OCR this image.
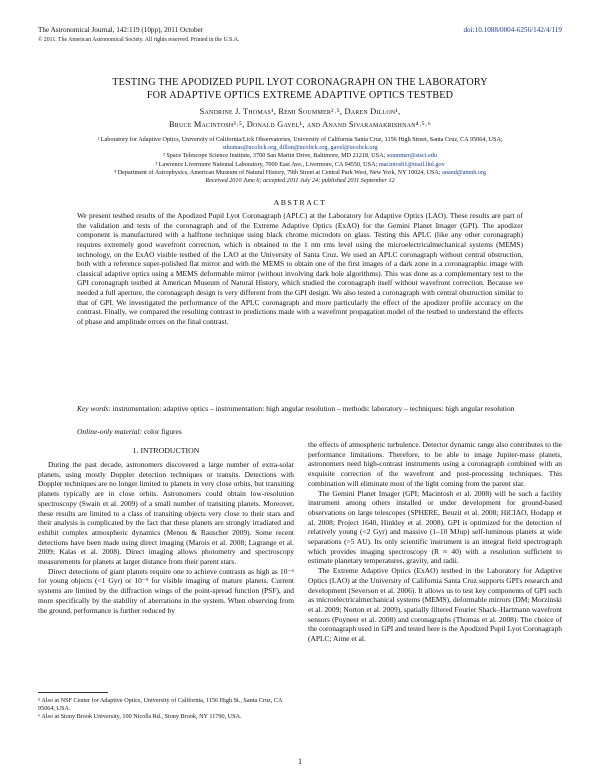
The Astronomical Journal, 142:119 (10pp), 2011 October	doi:10.1088/0004-6256/142/4/119
© 2011. The American Astronomical Society. All rights reserved. Printed in the U.S.A.
TESTING THE APODIZED PUPIL LYOT CORONAGRAPH ON THE LABORATORY
FOR ADAPTIVE OPTICS EXTREME ADAPTIVE OPTICS TESTBED
Sandrine J. Thomas¹, Rémi Soummer²˒⁵, Daren Dillon¹,
Bruce Macintosh³˒⁵, Donald Gavel¹, and Anand Sivaramakrishnan⁴˒⁵˒⁶
¹ Laboratory for Adaptive Optics, University of California/Lick Observatories, University of California Santa Cruz, 1156 High Street, Santa Cruz, CA 95064, USA;
sthomas@ucolick.org, dillon@ucolick.org, gavel@ucolick.org
² Space Telescope Science Institute, 3700 San Martin Drive, Baltimore, MD 21218, USA; soummer@stsci.edu
³ Lawrence Livermore National Laboratory, 7000 East Ave., Livermore, CA 94550, USA; macintosh1@mail.llnl.gov
⁴ Department of Astrophysics, American Museum of Natural History, 79th Street at Central Park West, New York, NY 10024, USA; anand@amnh.org
Received 2010 June 6; accepted 2011 July 24; published 2011 September 12
ABSTRACT
We present testbed results of the Apodized Pupil Lyot Coronagraph (APLC) at the Laboratory for Adaptive Optics (LAO). These results are part of the validation and tests of the coronagraph and of the Extreme Adaptive Optics (ExAO) for the Gemini Planet Imager (GPI). The apodizer component is manufactured with a halftone technique using black chrome microdots on glass. Testing this APLC (like any other coronagraph) requires extremely good wavefront correction, which is obtained to the 1 nm rms level using the microelectricalmechanical systems (MEMS) technology, on the ExAO visible testbed of the LAO at the University of Santa Cruz. We used an APLC coronagraph without central obstruction, both with a reference super-polished flat mirror and with the MEMS to obtain one of the first images of a dark zone in a coronagraphic image with classical adaptive optics using a MEMS deformable mirror (without involving dark hole algorithms). This was done as a complementary test to the GPI coronagraph testbed at American Museum of Natural History, which studied the coronagraph itself without wavefront correction. Because we needed a full aperture, the coronagraph design is very different from the GPI design. We also tested a coronagraph with central obstruction similar to that of GPI. We investigated the performance of the APLC coronagraph and more particularly the effect of the apodizer profile accuracy on the contrast. Finally, we compared the resulting contrast to predictions made with a wavefront propagation model of the testbed to understand the effects of phase and amplitude errors on the final contrast.
Key words: instrumentation: adaptive optics – instrumentation: high angular resolution – methods: laboratory – techniques: high angular resolution
Online-only material: color figures
1. INTRODUCTION

During the past decade, astronomers discovered a large number of extra-solar planets, using mostly Doppler detection techniques or transits. Detections with Doppler techniques are no longer limited to planets in very close orbits, but transiting planets typically are in close orbits. Astronomers could obtain low-resolution spectroscopy (Swain et al. 2009) of a small number of transiting planets. Moreover, these results are limited to a class of transiting objects very close to their stars and their analysis is complicated by the fact that these planets are strongly irradiated and exhibit complex atmospheric dynamics (Menou & Rauscher 2009). Some recent detections have been made using direct imaging (Marois et al. 2008; Lagrange et al. 2009; Kalas et al. 2008). Direct imaging allows photometry and spectroscopy measurements for planets at larger distance from their parent stars.

Direct detections of giant planets require one to achieve contrasts as high as 10⁻⁶ for young objects (<1 Gyr) or 10⁻⁹ for visible imaging of mature planets. Current systems are limited by the diffraction wings of the point-spread function (PSF), and more specifically by the stability of aberrations in the system. When observing from the ground, performance is further reduced by

the effects of atmospheric turbulence. Detector dynamic range also contributes to the performance limitations. Therefore, to be able to image Jupiter-mass planets, astronomers need high-contrast instruments using a coronagraph combined with an exquisite correction of the wavefront and post-processing techniques. This combination will eliminate most of the light coming from the parent star.

The Gemini Planet Imager (GPI; Macintosh et al. 2008) will be such a facility instrument among others installed or under development for ground-based observations on large telescopes (SPHERE, Beuzit et al. 2008; HiCIAO, Hodapp et al. 2008; Project 1640, Hinkley et al. 2008). GPI is optimized for the detection of relatively young (<2 Gyr) and massive (1–10 MJup) self-luminous planets at wide separations (>5 AU). Its only scientific instrument is an integral field spectrograph which provides imaging spectroscopy (R ≈ 40) with a resolution sufficient to estimate planetary temperatures, gravity, and radii.

The Extreme Adaptive Optics (ExAO) testbed in the Laboratory for Adaptive Optics (LAO) at the University of California Santa Cruz supports GPI's research and development (Severson et al. 2006). It allows us to test key components of GPI such as microelectricalmechanical systems (MEMS), deformable mirrors (DM; Morzinski et al. 2009; Norton et al. 2009), spatially filtered Fourier Shack–Hartmann wavefront sensors (Poyneer et al. 2008) and coronagraphs (Thomas et al. 2008). The choice of the coronagraph used in GPI and tested here is the Apodized Pupil Lyot Coronagraph (APLC; Aime et al.

⁵ Also at NSF Center for Adaptive Optics, University of California, 1156 High St., Santa Cruz, CA 95064, USA.
⁶ Also at Stony Brook University, 100 Nicolls Rd., Stony Brook, NY 11790, USA.
1
